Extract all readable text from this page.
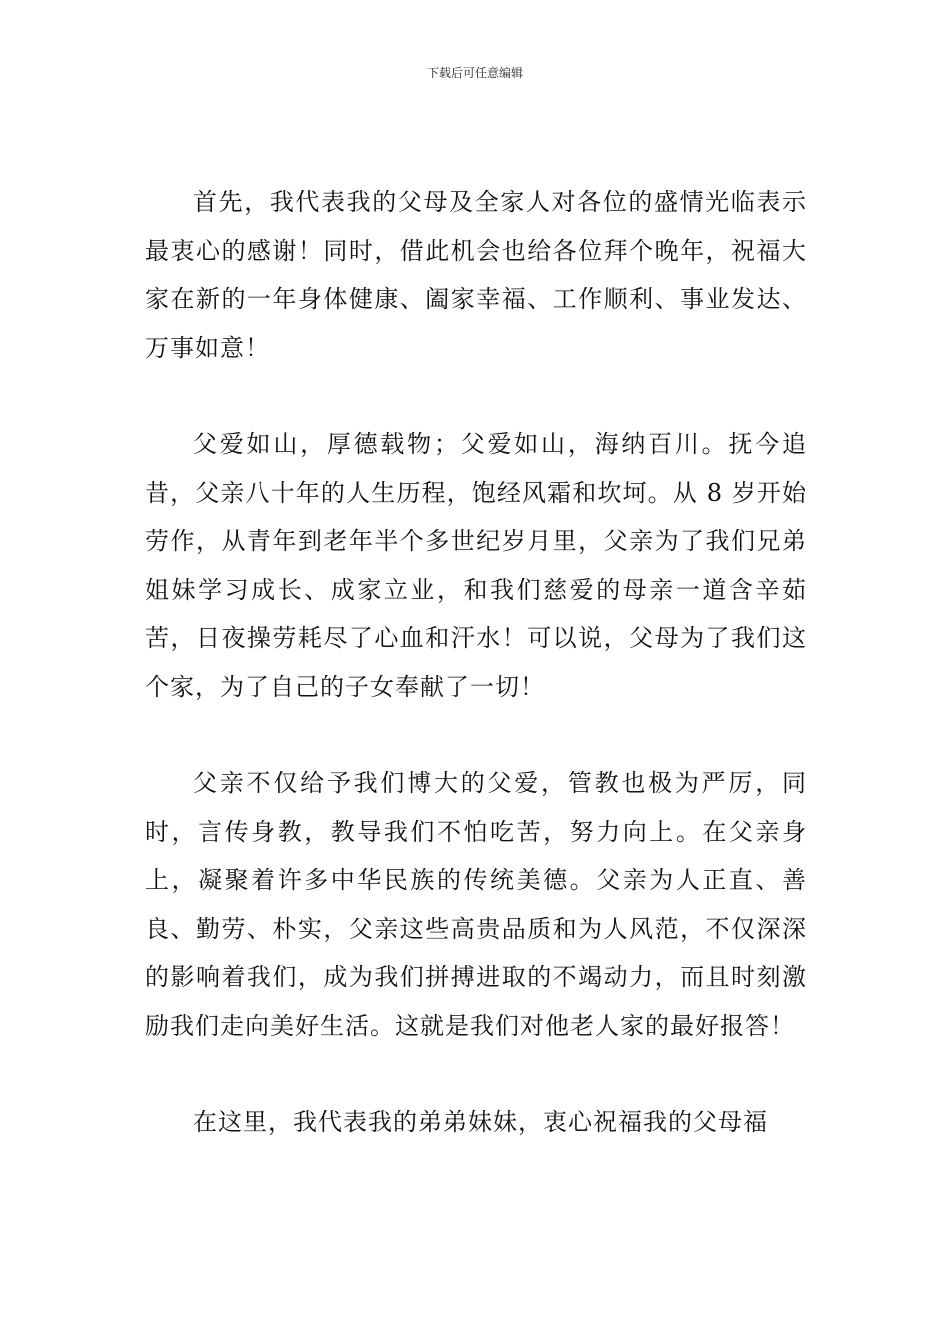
下载后可任意编辑

首先，我代表我的父母及全家人对各位的盛情光临表示最衷心的感谢！同时，借此机会也给各位拜个晚年，祝福大家在新的一年身体健康、阖家幸福、工作顺利、事业发达、万事如意！

父爱如山，厚德载物；父爱如山，海纳百川。抚今追昔，父亲八十年的人生历程，饱经风霜和坎坷。从 8 岁开始劳作，从青年到老年半个多世纪岁月里，父亲为了我们兄弟姐妹学习成长、成家立业，和我们慈爱的母亲一道含辛茹苦，日夜操劳耗尽了心血和汗水！可以说，父母为了我们这个家，为了自己的子女奉献了一切！

父亲不仅给予我们博大的父爱，管教也极为严厉，同时，言传身教，教导我们不怕吃苦，努力向上。在父亲身上，凝聚着许多中华民族的传统美德。父亲为人正直、善良、勤劳、朴实，父亲这些高贵品质和为人风范，不仅深深的影响着我们，成为我们拼搏进取的不竭动力，而且时刻激励我们走向美好生活。这就是我们对他老人家的最好报答！

在这里，我代表我的弟弟妹妹，衷心祝福我的父母福
